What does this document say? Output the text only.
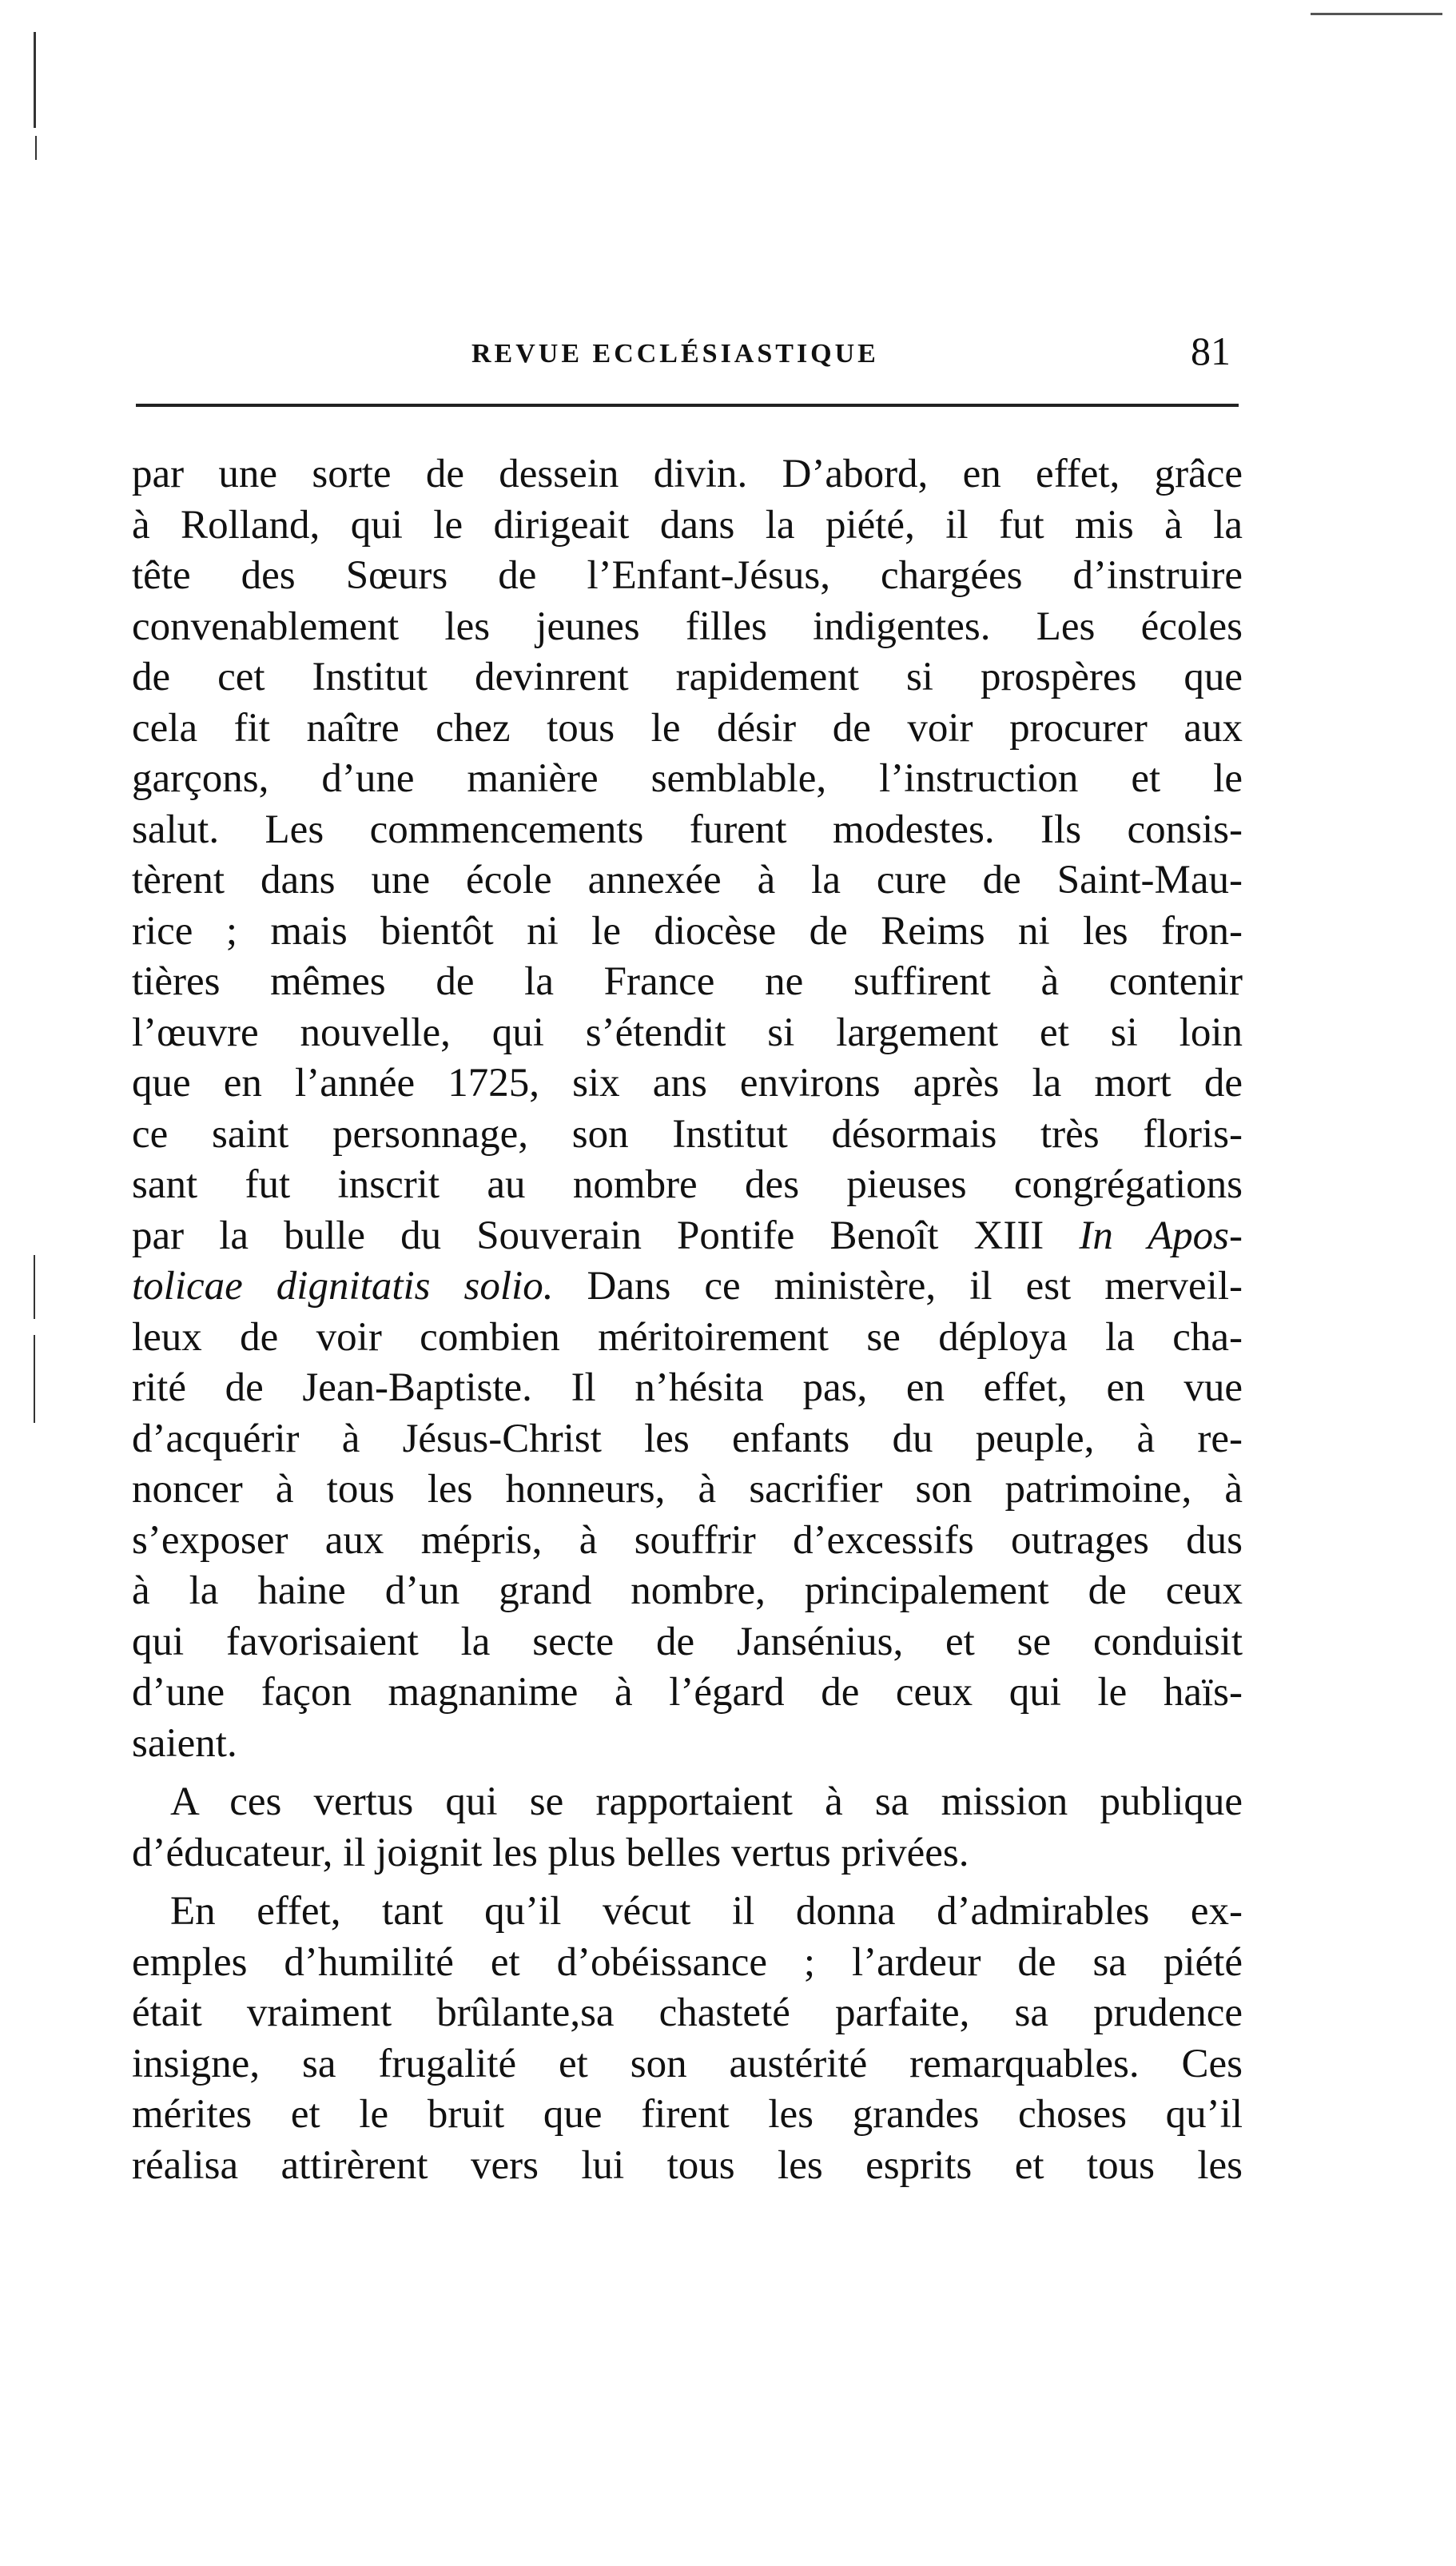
REVUE ECCLÉSIASTIQUE	81
par une sorte de dessein divin. D’abord, en effet, grâce
à Rolland, qui le dirigeait dans la piété, il fut mis à la
tête des Sœurs de l’Enfant-Jésus, chargées d’instruire
convenablement les jeunes filles indigentes. Les écoles
de cet Institut devinrent rapidement si prospères que
cela fit naître chez tous le désir de voir procurer aux
garçons, d’une manière semblable, l’instruction et le
salut. Les commencements furent modestes. Ils consis-
tèrent dans une école annexée à la cure de Saint-Mau-
rice ; mais bientôt ni le diocèse de Reims ni les fron-
tières mêmes de la France ne suffirent à contenir
l’œuvre nouvelle, qui s’étendit si largement et si loin
que en l’année 1725, six ans environs après la mort de
ce saint personnage, son Institut désormais très floris-
sant fut inscrit au nombre des pieuses congrégations
par la bulle du Souverain Pontife Benoît XIII In Apos-
tolicae dignitatis solio. Dans ce ministère, il est merveil-
leux de voir combien méritoirement se déploya la cha-
rité de Jean-Baptiste. Il n’hésita pas, en effet, en vue
d’acquérir à Jésus-Christ les enfants du peuple, à re-
noncer à tous les honneurs, à sacrifier son patrimoine, à
s’exposer aux mépris, à souffrir d’excessifs outrages dus
à la haine d’un grand nombre, principalement de ceux
qui favorisaient la secte de Jansénius, et se conduisit
d’une façon magnanime à l’égard de ceux qui le haïs-
saient.
A ces vertus qui se rapportaient à sa mission publique
d’éducateur, il joignit les plus belles vertus privées.
En effet, tant qu’il vécut il donna d’admirables ex-
emples d’humilité et d’obéissance ; l’ardeur de sa piété
était vraiment brûlante,sa chasteté parfaite, sa prudence
insigne, sa frugalité et son austérité remarquables. Ces
mérites et le bruit que firent les grandes choses qu’il
réalisa attirèrent vers lui tous les esprits et tous les
